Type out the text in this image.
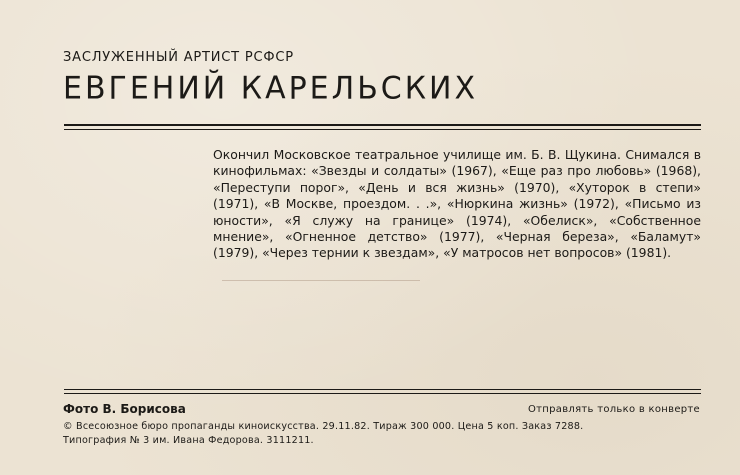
ЗАСЛУЖЕННЫЙ АРТИСТ РСФСР
ЕВГЕНИЙ КАРЕЛЬСКИХ
Окончил Московское театральное училище им. Б. В. Щукина. Снимался в кинофильмах: «Звезды и солдаты» (1967), «Еще раз про любовь» (1968), «Переступи порог», «День и вся жизнь» (1970), «Хуторок в степи» (1971), «В Москве, проездом. . .», «Нюркина жизнь» (1972), «Письмо из юности», «Я служу на границе» (1974), «Обелиск», «Собственное мнение», «Огненное детство» (1977), «Черная береза», «Баламут» (1979), «Через тернии к звездам», «У матросов нет вопросов» (1981).
Фото В. Борисова	Отправлять только в конверте
© Всесоюзное бюро пропаганды киноискусства. 29.11.82. Тираж 300 000. Цена 5 коп. Заказ 7288.
Типография № 3 им. Ивана Федорова. 3111211.
